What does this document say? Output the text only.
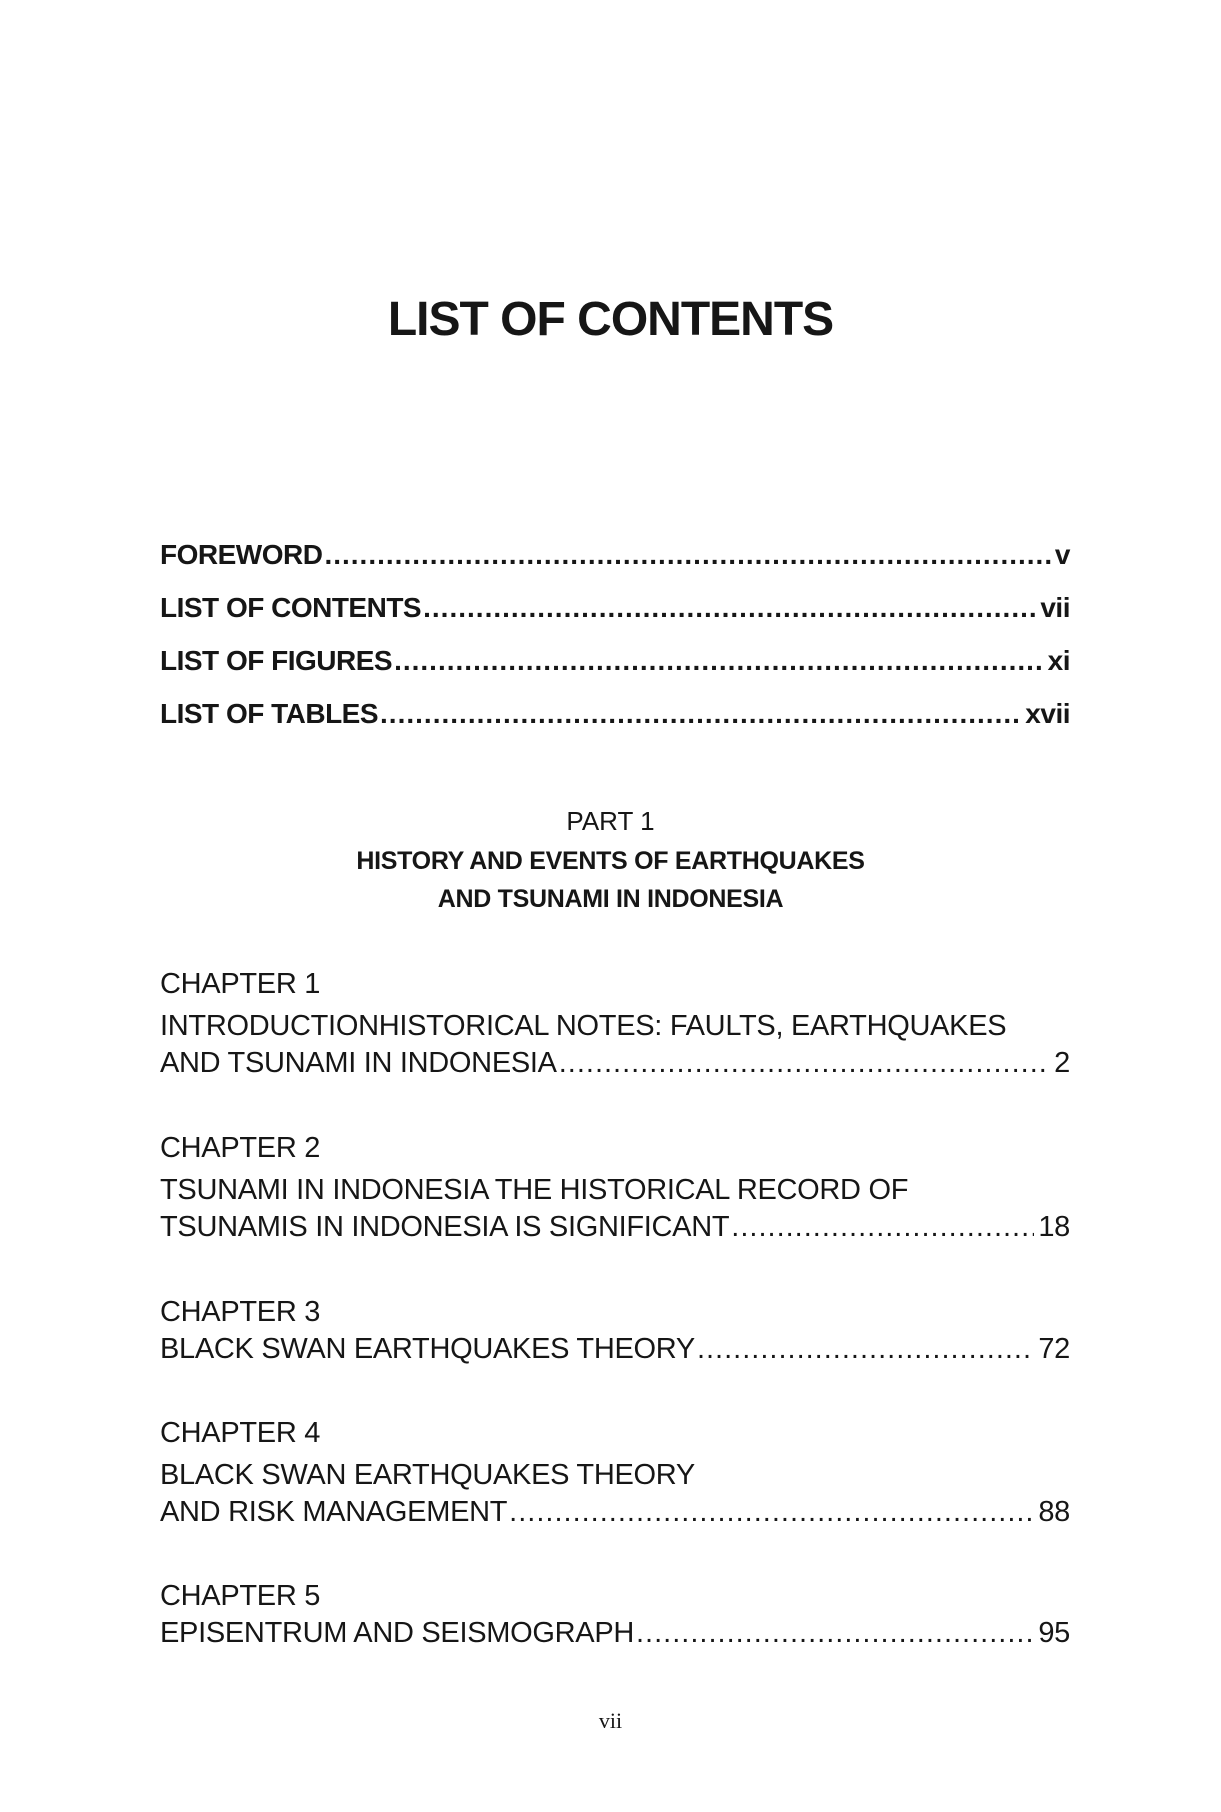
LIST OF CONTENTS
FOREWORD .....	v
LIST OF CONTENTS .....	vii
LIST OF FIGURES .....	xi
LIST OF TABLES .....	xvii
PART 1
HISTORY AND EVENTS OF EARTHQUAKES
AND TSUNAMI IN INDONESIA
CHAPTER 1
INTRODUCTIONHISTORICAL NOTES: FAULTS, EARTHQUAKES
AND TSUNAMI IN INDONESIA .....	2
CHAPTER 2
TSUNAMI IN INDONESIA THE HISTORICAL RECORD OF
TSUNAMIS IN INDONESIA IS SIGNIFICANT .....	18
CHAPTER 3
BLACK SWAN EARTHQUAKES THEORY .....	72
CHAPTER 4
BLACK SWAN EARTHQUAKES THEORY
AND RISK MANAGEMENT .....	88
CHAPTER 5
EPISENTRUM AND SEISMOGRAPH .....	95
vii
